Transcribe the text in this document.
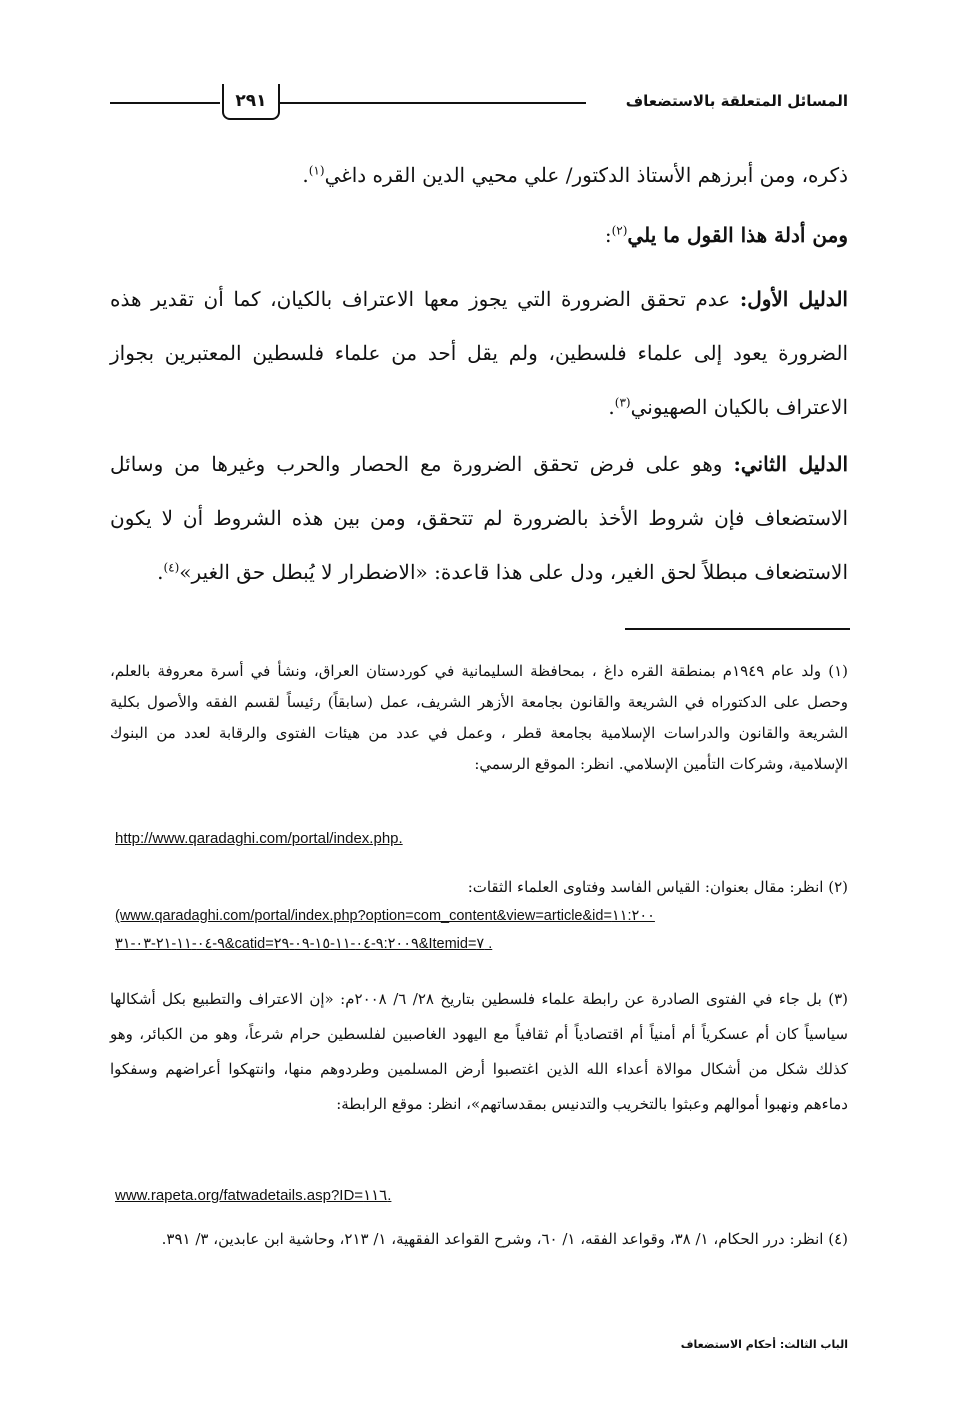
٢٩١	المسائل المتعلقة بالاستضعاف
ذكره، ومن أبرزهم الأستاذ الدكتور/ علي محيي الدين القره داغي$^{(١)}$.
ومن أدلة هذا القول ما يلي$^{(٢)}$:
الدليل الأول: عدم تحقق الضرورة التي يجوز معها الاعتراف بالكيان، كما أن تقدير هذه الضرورة يعود إلى علماء فلسطين، ولم يقل أحد من علماء فلسطين المعتبرين بجواز الاعتراف بالكيان الصهيوني$^{(٣)}$.
الدليل الثاني: وهو على فرض تحقق الضرورة مع الحصار والحرب وغيرها من وسائل الاستضعاف فإن شروط الأخذ بالضرورة لم تتحقق، ومن بين هذه الشروط أن لا يكون الاستضعاف مبطلاً لحق الغير، ودل على هذا قاعدة: «الاضطرار لا يُبطل حق الغير»$^{(٤)}$.
(١) ولد عام ١٩٤٩م بمنطقة القره داغ ، بمحافظة السليمانية في كوردستان العراق، ونشأ في أسرة معروفة بالعلم، وحصل على الدكتوراه في الشريعة والقانون بجامعة الأزهر الشريف، عمل (سابقاً) رئيساً لقسم الفقه والأصول بكلية الشريعة والقانون والدراسات الإسلامية بجامعة قطر ، وعمل في عدد من هيئات الفتوى والرقابة لعدد من البنوك الإسلامية، وشركات التأمين الإسلامي. انظر: الموقع الرسمي:
http://www.qaradaghi.com/portal/index.php.
(٢) انظر: مقال بعنوان: القياس الفاسد وفتاوى العلماء الثقات:
(www.qaradaghi.com/portal/index.php?option=com_content&view=article&id=١١:٢٠٠
٩-٠٤-١١-٢١-٠٣-٣١&catid=٩:٢٠٠٩-٠٤-١١-١٥-٠٩-٢٩&Itemid=٧ .
(٣) بل جاء في الفتوى الصادرة عن رابطة علماء فلسطين بتاريخ ٢٨/ ٦/ ٢٠٠٨م: «إن الاعتراف والتطبيع بكل أشكالها سياسياً كان أم عسكرياً أم أمنياً أم اقتصادياً أم ثقافياً مع اليهود الغاصبين لفلسطين حرام شرعاً، وهو من الكبائر، وهو كذلك شكل من أشكال موالاة أعداء الله الذين اغتصبوا أرض المسلمين وطردوهم منها، وانتهكوا أعراضهم وسفكوا دماءهم ونهبوا أموالهم وعبثوا بالتخريب والتدنيس بمقدساتهم»، انظر: موقع الرابطة:
www.rapeta.org/fatwadetails.asp?ID=١١٦.
(٤) انظر: درر الحكام، ١/ ٣٨، وقواعد الفقه، ١/ ٦٠، وشرح القواعد الفقهية، ١/ ٢١٣، وحاشية ابن عابدين، ٣/ ٣٩١.
الباب الثالث: أحكام الاستضعاف
